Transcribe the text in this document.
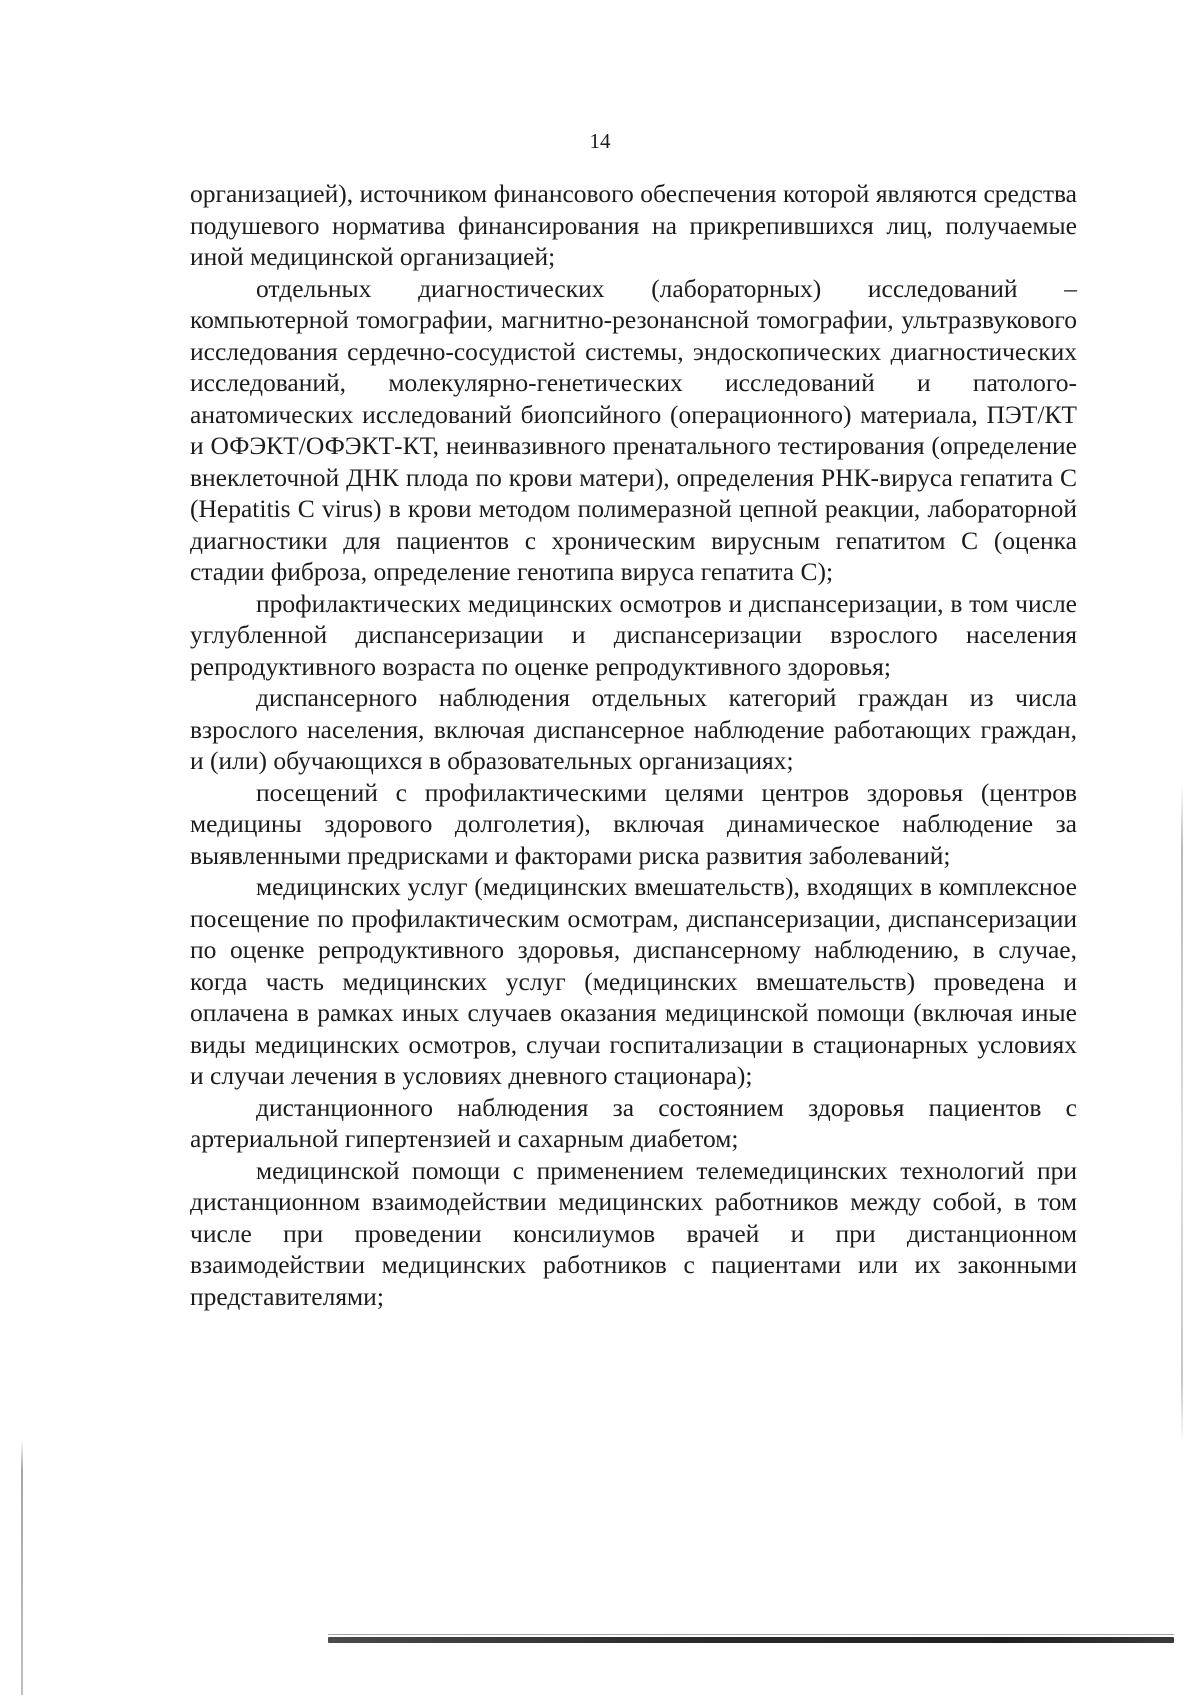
14

организацией), источником финансового обеспечения которой являются средства подушевого норматива финансирования на прикрепившихся лиц, получаемые иной медицинской организацией;

отдельных диагностических (лабораторных) исследований – компьютерной томографии, магнитно-резонансной томографии, ультразвукового исследования сердечно-сосудистой системы, эндоскопических диагностических исследований, молекулярно-генетических исследований и патолого-анатомических исследований биопсийного (операционного) материала, ПЭТ/КТ и ОФЭКТ/ОФЭКТ-КТ, неинвазивного пренатального тестирования (определение внеклеточной ДНК плода по крови матери), определения РНК-вируса гепатита С (Hepatitis C virus) в крови методом полимеразной цепной реакции, лабораторной диагностики для пациентов с хроническим вирусным гепатитом С (оценка стадии фиброза, определение генотипа вируса гепатита С);

профилактических медицинских осмотров и диспансеризации, в том числе углубленной диспансеризации и диспансеризации взрослого населения репродуктивного возраста по оценке репродуктивного здоровья;

диспансерного наблюдения отдельных категорий граждан из числа взрослого населения, включая диспансерное наблюдение работающих граждан, и (или) обучающихся в образовательных организациях;

посещений с профилактическими целями центров здоровья (центров медицины здорового долголетия), включая динамическое наблюдение за выявленными предрисками и факторами риска развития заболеваний;

медицинских услуг (медицинских вмешательств), входящих в комплексное посещение по профилактическим осмотрам, диспансеризации, диспансеризации по оценке репродуктивного здоровья, диспансерному наблюдению, в случае, когда часть медицинских услуг (медицинских вмешательств) проведена и оплачена в рамках иных случаев оказания медицинской помощи (включая иные виды медицинских осмотров, случаи госпитализации в стационарных условиях и случаи лечения в условиях дневного стационара);

дистанционного наблюдения за состоянием здоровья пациентов с артериальной гипертензией и сахарным диабетом;

медицинской помощи с применением телемедицинских технологий при дистанционном взаимодействии медицинских работников между собой, в том числе при проведении консилиумов врачей и при дистанционном взаимодействии медицинских работников с пациентами или их законными представителями;
